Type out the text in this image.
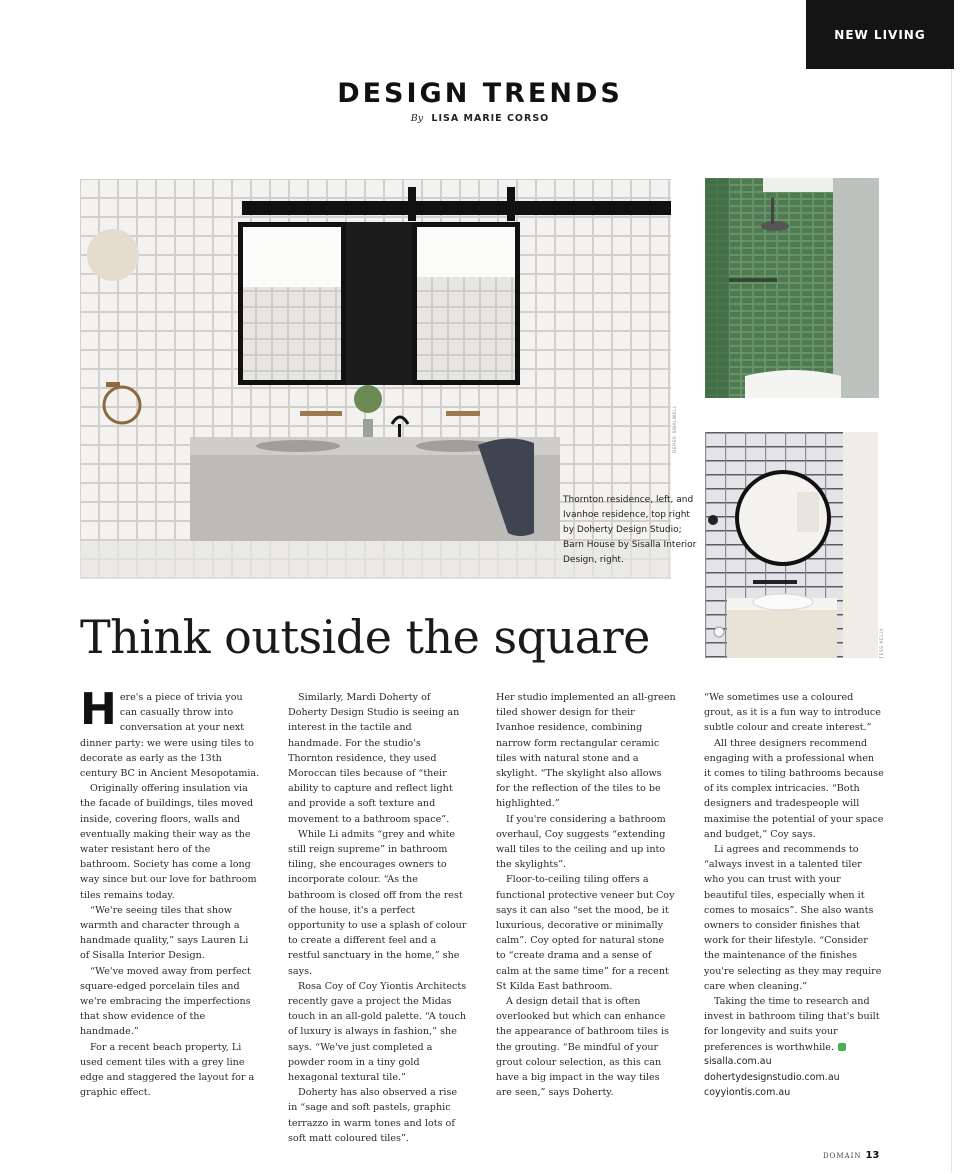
NEW LIVING
DESIGN TRENDS
By LISA MARIE CORSO
DEREK SWALWELL
TESS KELLY
Thornton residence, left, and Ivanhoe residence, top right by Doherty Design Studio; Barn House by Sisalla Interior Design, right.
Think outside the square

Here's a piece of trivia you can casually throw into conversation at your next dinner party: we were using tiles to decorate as early as the 13th century BC in Ancient Mesopotamia.

Originally offering insulation via the facade of buildings, tiles moved inside, covering floors, walls and eventually making their way as the water resistant hero of the bathroom. Society has come a long way since but our love for bathroom tiles remains today.

“We're seeing tiles that show warmth and character through a handmade quality,” says Lauren Li of Sisalla Interior Design.

“We've moved away from perfect square-edged porcelain tiles and we're embracing the imperfections that show evidence of the handmade.”

For a recent beach property, Li used cement tiles with a grey line edge and staggered the layout for a graphic effect.

Similarly, Mardi Doherty of Doherty Design Studio is seeing an interest in the tactile and handmade. For the studio's Thornton residence, they used Moroccan tiles because of “their ability to capture and reflect light and provide a soft texture and movement to a bathroom space”.

While Li admits “grey and white still reign supreme” in bathroom tiling, she encourages owners to incorporate colour. “As the bathroom is closed off from the rest of the house, it's a perfect opportunity to use a splash of colour to create a different feel and a restful sanctuary in the home,” she says.

Rosa Coy of Coy Yiontis Architects recently gave a project the Midas touch in an all-gold palette. “A touch of luxury is always in fashion,” she says. “We've just completed a powder room in a tiny gold hexagonal textural tile.”

Doherty has also observed a rise in “sage and soft pastels, graphic terrazzo in warm tones and lots of soft matt coloured tiles”.

Her studio implemented an all-green tiled shower design for their Ivanhoe residence, combining narrow form rectangular ceramic tiles with natural stone and a skylight. “The skylight also allows for the reflection of the tiles to be highlighted.”

If you're considering a bathroom overhaul, Coy suggests “extending wall tiles to the ceiling and up into the skylights”.

Floor-to-ceiling tiling offers a functional protective veneer but Coy says it can also “set the mood, be it luxurious, decorative or minimally calm”. Coy opted for natural stone to “create drama and a sense of calm at the same time” for a recent St Kilda East bathroom.

A design detail that is often overlooked but which can enhance the appearance of bathroom tiles is the grouting. “Be mindful of your grout colour selection, as this can have a big impact in the way tiles are seen,” says Doherty.

“We sometimes use a coloured grout, as it is a fun way to introduce subtle colour and create interest.”

All three designers recommend engaging with a professional when it comes to tiling bathrooms because of its complex intricacies. “Both designers and tradespeople will maximise the potential of your space and budget,” Coy says.

Li agrees and recommends to “always invest in a talented tiler who you can trust with your beautiful tiles, especially when it comes to mosaics”. She also wants owners to consider finishes that work for their lifestyle. “Consider the maintenance of the finishes you're selecting as they may require care when cleaning.”

Taking the time to research and invest in bathroom tiling that's built for longevity and suits your preferences is worthwhile.

sisalla.com.au
dohertydesignstudio.com.au
coyyiontis.com.au
DOMAIN 13
